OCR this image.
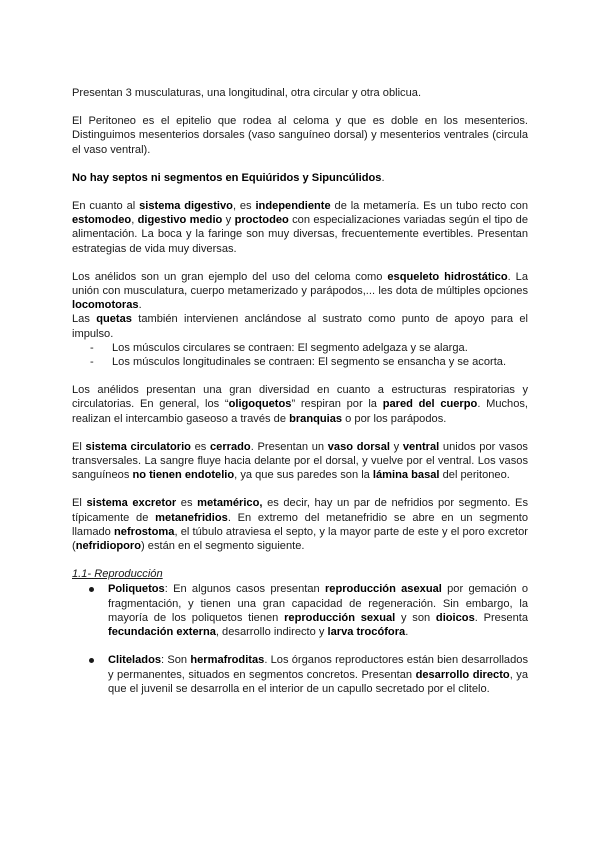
Presentan 3 musculaturas, una longitudinal, otra circular y otra oblicua.

El Peritoneo es el epitelio que rodea al celoma y que es doble en los mesenterios. Distinguimos mesenterios dorsales (vaso sanguíneo dorsal) y mesenterios ventrales (circula el vaso ventral).

No hay septos ni segmentos en Equiúridos y Sipuncúlidos.

En cuanto al sistema digestivo, es independiente de la metamería. Es un tubo recto con estomodeo, digestivo medio y proctodeo con especializaciones variadas según el tipo de alimentación. La boca y la faringe son muy diversas, frecuentemente evertibles. Presentan estrategias de vida muy diversas.

Los anélidos son un gran ejemplo del uso del celoma como esqueleto hidrostático. La unión con musculatura, cuerpo metamerizado y parápodos,... les dota de múltiples opciones locomotoras.

Las quetas también intervienen anclándose al sustrato como punto de apoyo para el impulso.

- Los músculos circulares se contraen: El segmento adelgaza y se alarga.
- Los músculos longitudinales se contraen: El segmento se ensancha y se acorta.

Los anélidos presentan una gran diversidad en cuanto a estructuras respiratorias y circulatorias. En general, los “oligoquetos” respiran por la pared del cuerpo. Muchos, realizan el intercambio gaseoso a través de branquias o por los parápodos.

El sistema circulatorio es cerrado. Presentan un vaso dorsal y ventral unidos por vasos transversales. La sangre fluye hacia delante por el dorsal, y vuelve por el ventral. Los vasos sanguíneos no tienen endotelio, ya que sus paredes son la lámina basal del peritoneo.

El sistema excretor es metamérico, es decir, hay un par de nefridios por segmento. Es típicamente de metanefridios. En extremo del metanefridio se abre en un segmento llamado nefrostoma, el túbulo atraviesa el septo, y la mayor parte de este y el poro excretor (nefridioporo) están en el segmento siguiente.

1.1- Reproducción
Poliquetos: En algunos casos presentan reproducción asexual por gemación o fragmentación, y tienen una gran capacidad de regeneración. Sin embargo, la mayoría de los poliquetos tienen reproducción sexual y son dioicos. Presenta fecundación externa, desarrollo indirecto y larva trocófora.
Clitelados: Son hermafroditas. Los órganos reproductores están bien desarrollados y permanentes, situados en segmentos concretos. Presentan desarrollo directo, ya que el juvenil se desarrolla en el interior de un capullo secretado por el clitelo.
